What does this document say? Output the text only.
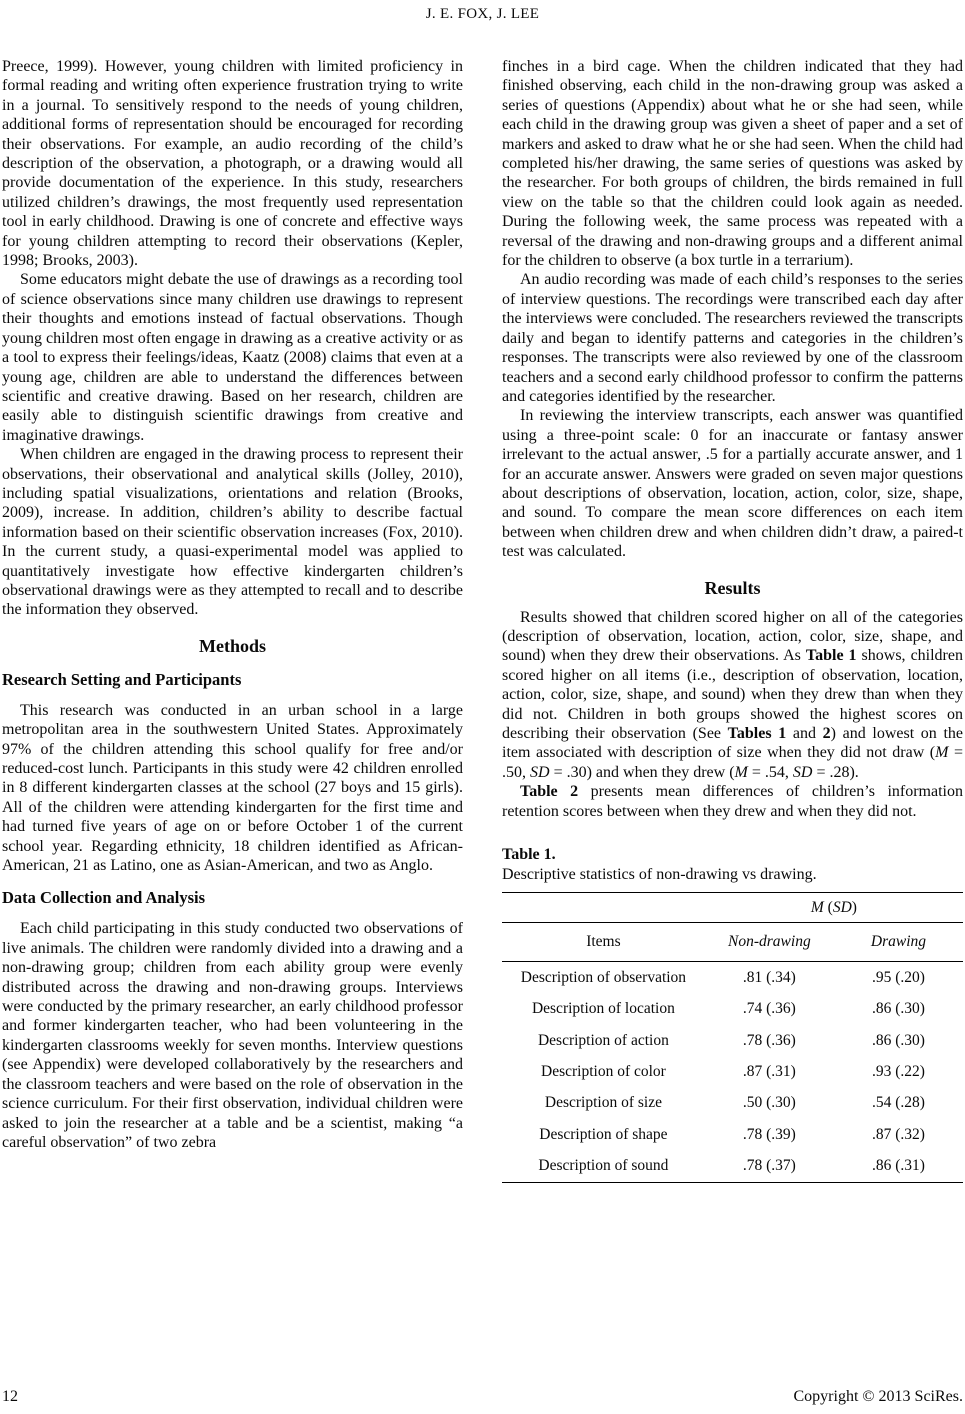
J. E. FOX, J. LEE

Preece, 1999). However, young children with limited proficiency in formal reading and writing often experience frustration trying to write in a journal. To sensitively respond to the needs of young children, additional forms of representation should be encouraged for recording their observations. For example, an audio recording of the child’s description of the observation, a photograph, or a drawing would all provide documentation of the experience. In this study, researchers utilized children’s drawings, the most frequently used representation tool in early childhood. Drawing is one of concrete and effective ways for young children attempting to record their observations (Kepler, 1998; Brooks, 2003).

Some educators might debate the use of drawings as a recording tool of science observations since many children use drawings to represent their thoughts and emotions instead of factual observations. Though young children most often engage in drawing as a creative activity or as a tool to express their feelings/ideas, Kaatz (2008) claims that even at a young age, children are able to understand the differences between scientific and creative drawing. Based on her research, children are easily able to distinguish scientific drawings from creative and imaginative drawings.

When children are engaged in the drawing process to represent their observations, their observational and analytical skills (Jolley, 2010), including spatial visualizations, orientations and relation (Brooks, 2009), increase. In addition, children’s ability to describe factual information based on their scientific observation increases (Fox, 2010). In the current study, a quasi-experimental model was applied to quantitatively investigate how effective kindergarten children’s observational drawings were as they attempted to recall and to describe the information they observed.

Methods
Research Setting and Participants

This research was conducted in an urban school in a large metropolitan area in the southwestern United States. Approximately 97% of the children attending this school qualify for free and/or reduced-cost lunch. Participants in this study were 42 children enrolled in 8 different kindergarten classes at the school (27 boys and 15 girls). All of the children were attending kindergarten for the first time and had turned five years of age on or before October 1 of the current school year. Regarding ethnicity, 18 children identified as African-American, 21 as Latino, one as Asian-American, and two as Anglo.

Data Collection and Analysis

Each child participating in this study conducted two observations of live animals. The children were randomly divided into a drawing and a non-drawing group; children from each ability group were evenly distributed across the drawing and non-drawing groups. Interviews were conducted by the primary researcher, an early childhood professor and former kindergarten teacher, who had been volunteering in the kindergarten classrooms weekly for seven months. Interview questions (see Appendix) were developed collaboratively by the researchers and the classroom teachers and were based on the role of observation in the science curriculum. For their first observation, individual children were asked to join the researcher at a table and be a scientist, making “a careful observation” of two zebra

finches in a bird cage. When the children indicated that they had finished observing, each child in the non-drawing group was asked a series of questions (Appendix) about what he or she had seen, while each child in the drawing group was given a sheet of paper and a set of markers and asked to draw what he or she had seen. When the child had completed his/her drawing, the same series of questions was asked by the researcher. For both groups of children, the birds remained in full view on the table so that the children could look again as needed. During the following week, the same process was repeated with a reversal of the drawing and non-drawing groups and a different animal for the children to observe (a box turtle in a terrarium).

An audio recording was made of each child’s responses to the series of interview questions. The recordings were transcribed each day after the interviews were concluded. The researchers reviewed the transcripts daily and began to identify patterns and categories in the children’s responses. The transcripts were also reviewed by one of the classroom teachers and a second early childhood professor to confirm the patterns and categories identified by the researcher.

In reviewing the interview transcripts, each answer was quantified using a three-point scale: 0 for an inaccurate or fantasy answer irrelevant to the actual answer, .5 for a partially accurate answer, and 1 for an accurate answer. Answers were graded on seven major questions about descriptions of observation, location, action, color, size, shape, and sound. To compare the mean score differences on each item between when children drew and when children didn’t draw, a paired-t test was calculated.

Results

Results showed that children scored higher on all of the categories (description of observation, location, action, color, size, shape, and sound) when they drew their observations. As Table 1 shows, children scored higher on all items (i.e., description of observation, location, action, color, size, shape, and sound) when they drew than when they did not. Children in both groups showed the highest scores on describing their observation (See Tables 1 and 2) and lowest on the item associated with description of size when they did not draw (M = .50, SD = .30) and when they drew (M = .54, SD = .28).

Table 2 presents mean differences of children’s information retention scores between when they drew and when they did not.

Table 1.
Descriptive statistics of non-drawing vs drawing.
	M (SD)	
Items	Non-drawing	Drawing
Description of observation	.81 (.34)	.95 (.20)
Description of location	.74 (.36)	.86 (.30)
Description of action	.78 (.36)	.86 (.30)
Description of color	.87 (.31)	.93 (.22)
Description of size	.50 (.30)	.54 (.28)
Description of shape	.78 (.39)	.87 (.32)
Description of sound	.78 (.37)	.86 (.31)
12	Copyright © 2013 SciRes.
